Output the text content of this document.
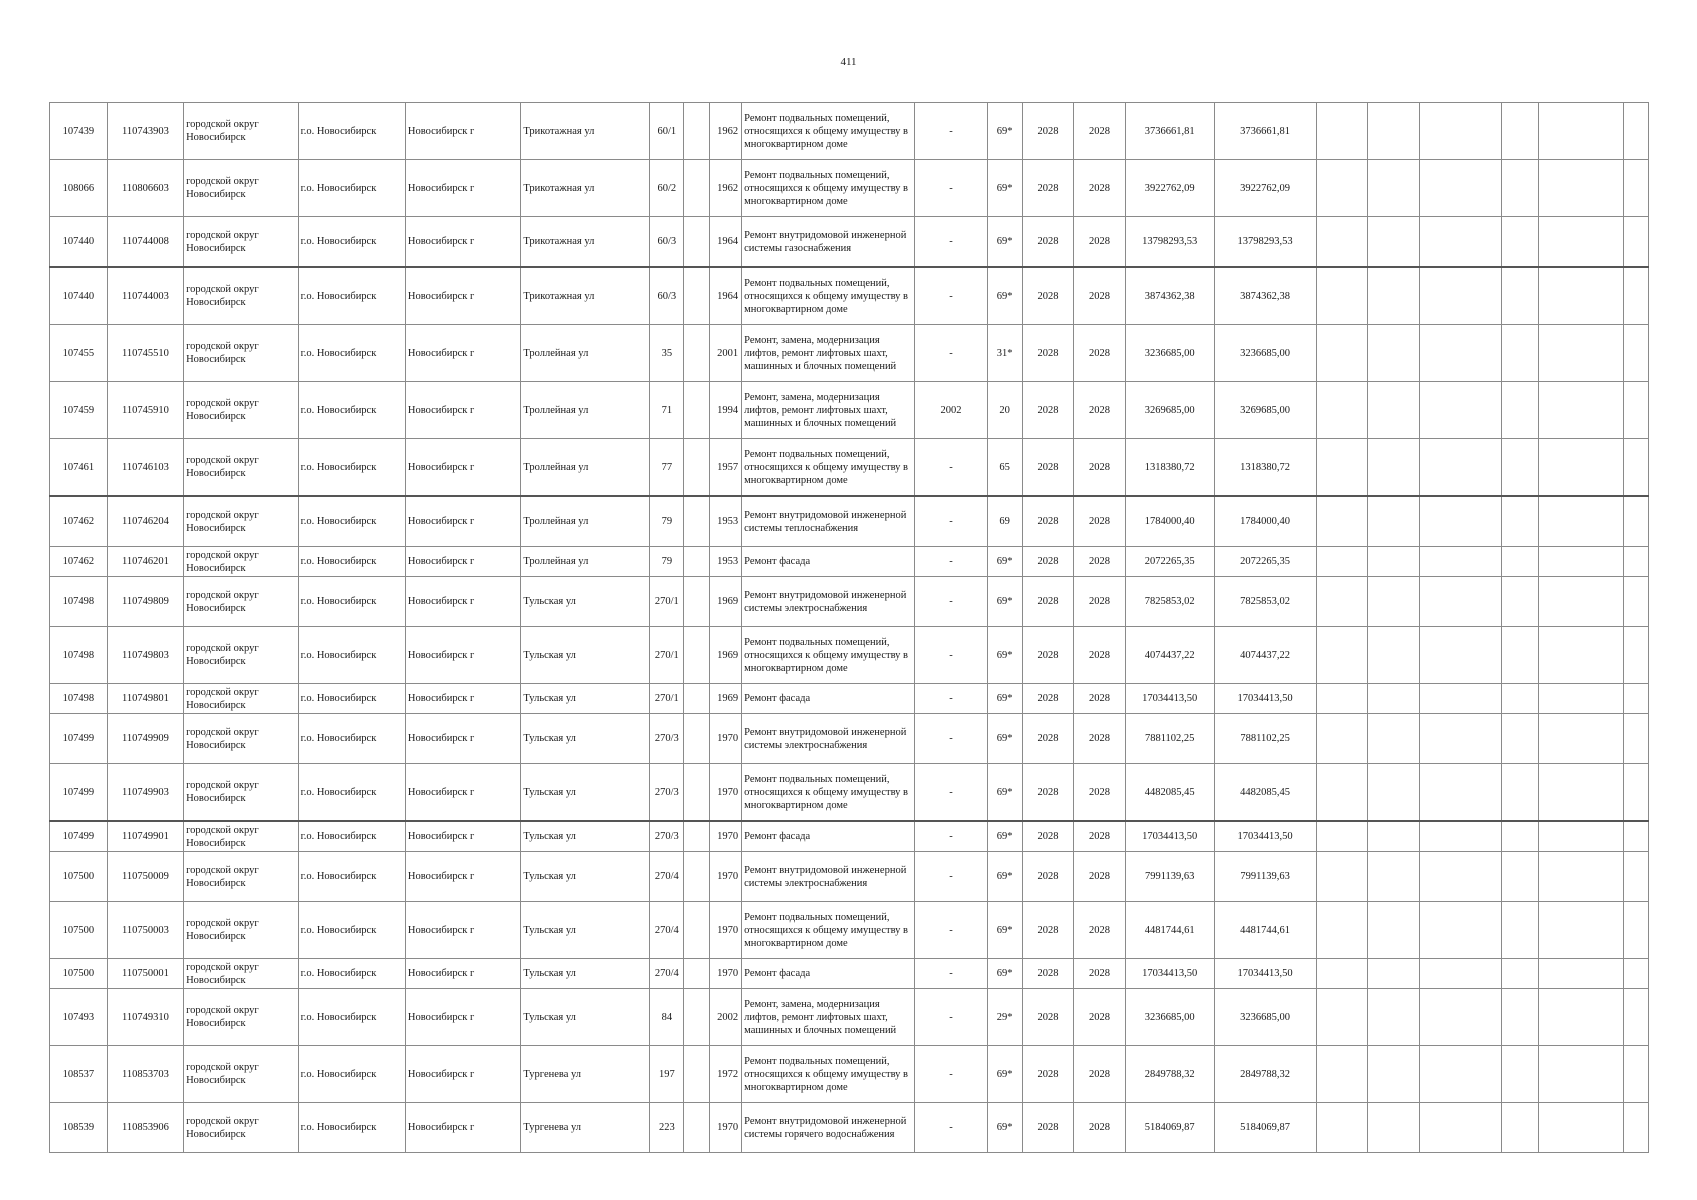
411
107439	110743903	городской округ Новосибирск	г.о. Новосибирск	Новосибирск г	Трикотажная ул	60/1		1962	Ремонт подвальных помещений, относящихся к общему имуществу в многоквартирном доме	-	69*	2028	2028	3736661,81	3736661,81						
108066	110806603	городской округ Новосибирск	г.о. Новосибирск	Новосибирск г	Трикотажная ул	60/2		1962	Ремонт подвальных помещений, относящихся к общему имуществу в многоквартирном доме	-	69*	2028	2028	3922762,09	3922762,09						
107440	110744008	городской округ Новосибирск	г.о. Новосибирск	Новосибирск г	Трикотажная ул	60/3		1964	Ремонт внутридомовой инженерной системы газоснабжения	-	69*	2028	2028	13798293,53	13798293,53						
107440	110744003	городской округ Новосибирск	г.о. Новосибирск	Новосибирск г	Трикотажная ул	60/3		1964	Ремонт подвальных помещений, относящихся к общему имуществу в многоквартирном доме	-	69*	2028	2028	3874362,38	3874362,38						
107455	110745510	городской округ Новосибирск	г.о. Новосибирск	Новосибирск г	Троллейная ул	35		2001	Ремонт, замена, модернизация лифтов, ремонт лифтовых шахт, машинных и блочных помещений	-	31*	2028	2028	3236685,00	3236685,00						
107459	110745910	городской округ Новосибирск	г.о. Новосибирск	Новосибирск г	Троллейная ул	71		1994	Ремонт, замена, модернизация лифтов, ремонт лифтовых шахт, машинных и блочных помещений	2002	20	2028	2028	3269685,00	3269685,00						
107461	110746103	городской округ Новосибирск	г.о. Новосибирск	Новосибирск г	Троллейная ул	77		1957	Ремонт подвальных помещений, относящихся к общему имуществу в многоквартирном доме	-	65	2028	2028	1318380,72	1318380,72						
107462	110746204	городской округ Новосибирск	г.о. Новосибирск	Новосибирск г	Троллейная ул	79		1953	Ремонт внутридомовой инженерной системы теплоснабжения	-	69	2028	2028	1784000,40	1784000,40						
107462	110746201	городской округ Новосибирск	г.о. Новосибирск	Новосибирск г	Троллейная ул	79		1953	Ремонт фасада	-	69*	2028	2028	2072265,35	2072265,35						
107498	110749809	городской округ Новосибирск	г.о. Новосибирск	Новосибирск г	Тульская ул	270/1		1969	Ремонт внутридомовой инженерной системы электроснабжения	-	69*	2028	2028	7825853,02	7825853,02						
107498	110749803	городской округ Новосибирск	г.о. Новосибирск	Новосибирск г	Тульская ул	270/1		1969	Ремонт подвальных помещений, относящихся к общему имуществу в многоквартирном доме	-	69*	2028	2028	4074437,22	4074437,22						
107498	110749801	городской округ Новосибирск	г.о. Новосибирск	Новосибирск г	Тульская ул	270/1		1969	Ремонт фасада	-	69*	2028	2028	17034413,50	17034413,50						
107499	110749909	городской округ Новосибирск	г.о. Новосибирск	Новосибирск г	Тульская ул	270/3		1970	Ремонт внутридомовой инженерной системы электроснабжения	-	69*	2028	2028	7881102,25	7881102,25						
107499	110749903	городской округ Новосибирск	г.о. Новосибирск	Новосибирск г	Тульская ул	270/3		1970	Ремонт подвальных помещений, относящихся к общему имуществу в многоквартирном доме	-	69*	2028	2028	4482085,45	4482085,45						
107499	110749901	городской округ Новосибирск	г.о. Новосибирск	Новосибирск г	Тульская ул	270/3		1970	Ремонт фасада	-	69*	2028	2028	17034413,50	17034413,50						
107500	110750009	городской округ Новосибирск	г.о. Новосибирск	Новосибирск г	Тульская ул	270/4		1970	Ремонт внутридомовой инженерной системы электроснабжения	-	69*	2028	2028	7991139,63	7991139,63						
107500	110750003	городской округ Новосибирск	г.о. Новосибирск	Новосибирск г	Тульская ул	270/4		1970	Ремонт подвальных помещений, относящихся к общему имуществу в многоквартирном доме	-	69*	2028	2028	4481744,61	4481744,61						
107500	110750001	городской округ Новосибирск	г.о. Новосибирск	Новосибирск г	Тульская ул	270/4		1970	Ремонт фасада	-	69*	2028	2028	17034413,50	17034413,50						
107493	110749310	городской округ Новосибирск	г.о. Новосибирск	Новосибирск г	Тульская ул	84		2002	Ремонт, замена, модернизация лифтов, ремонт лифтовых шахт, машинных и блочных помещений	-	29*	2028	2028	3236685,00	3236685,00						
108537	110853703	городской округ Новосибирск	г.о. Новосибирск	Новосибирск г	Тургенева ул	197		1972	Ремонт подвальных помещений, относящихся к общему имуществу в многоквартирном доме	-	69*	2028	2028	2849788,32	2849788,32						
108539	110853906	городской округ Новосибирск	г.о. Новосибирск	Новосибирск г	Тургенева ул	223		1970	Ремонт внутридомовой инженерной системы горячего водоснабжения	-	69*	2028	2028	5184069,87	5184069,87						
